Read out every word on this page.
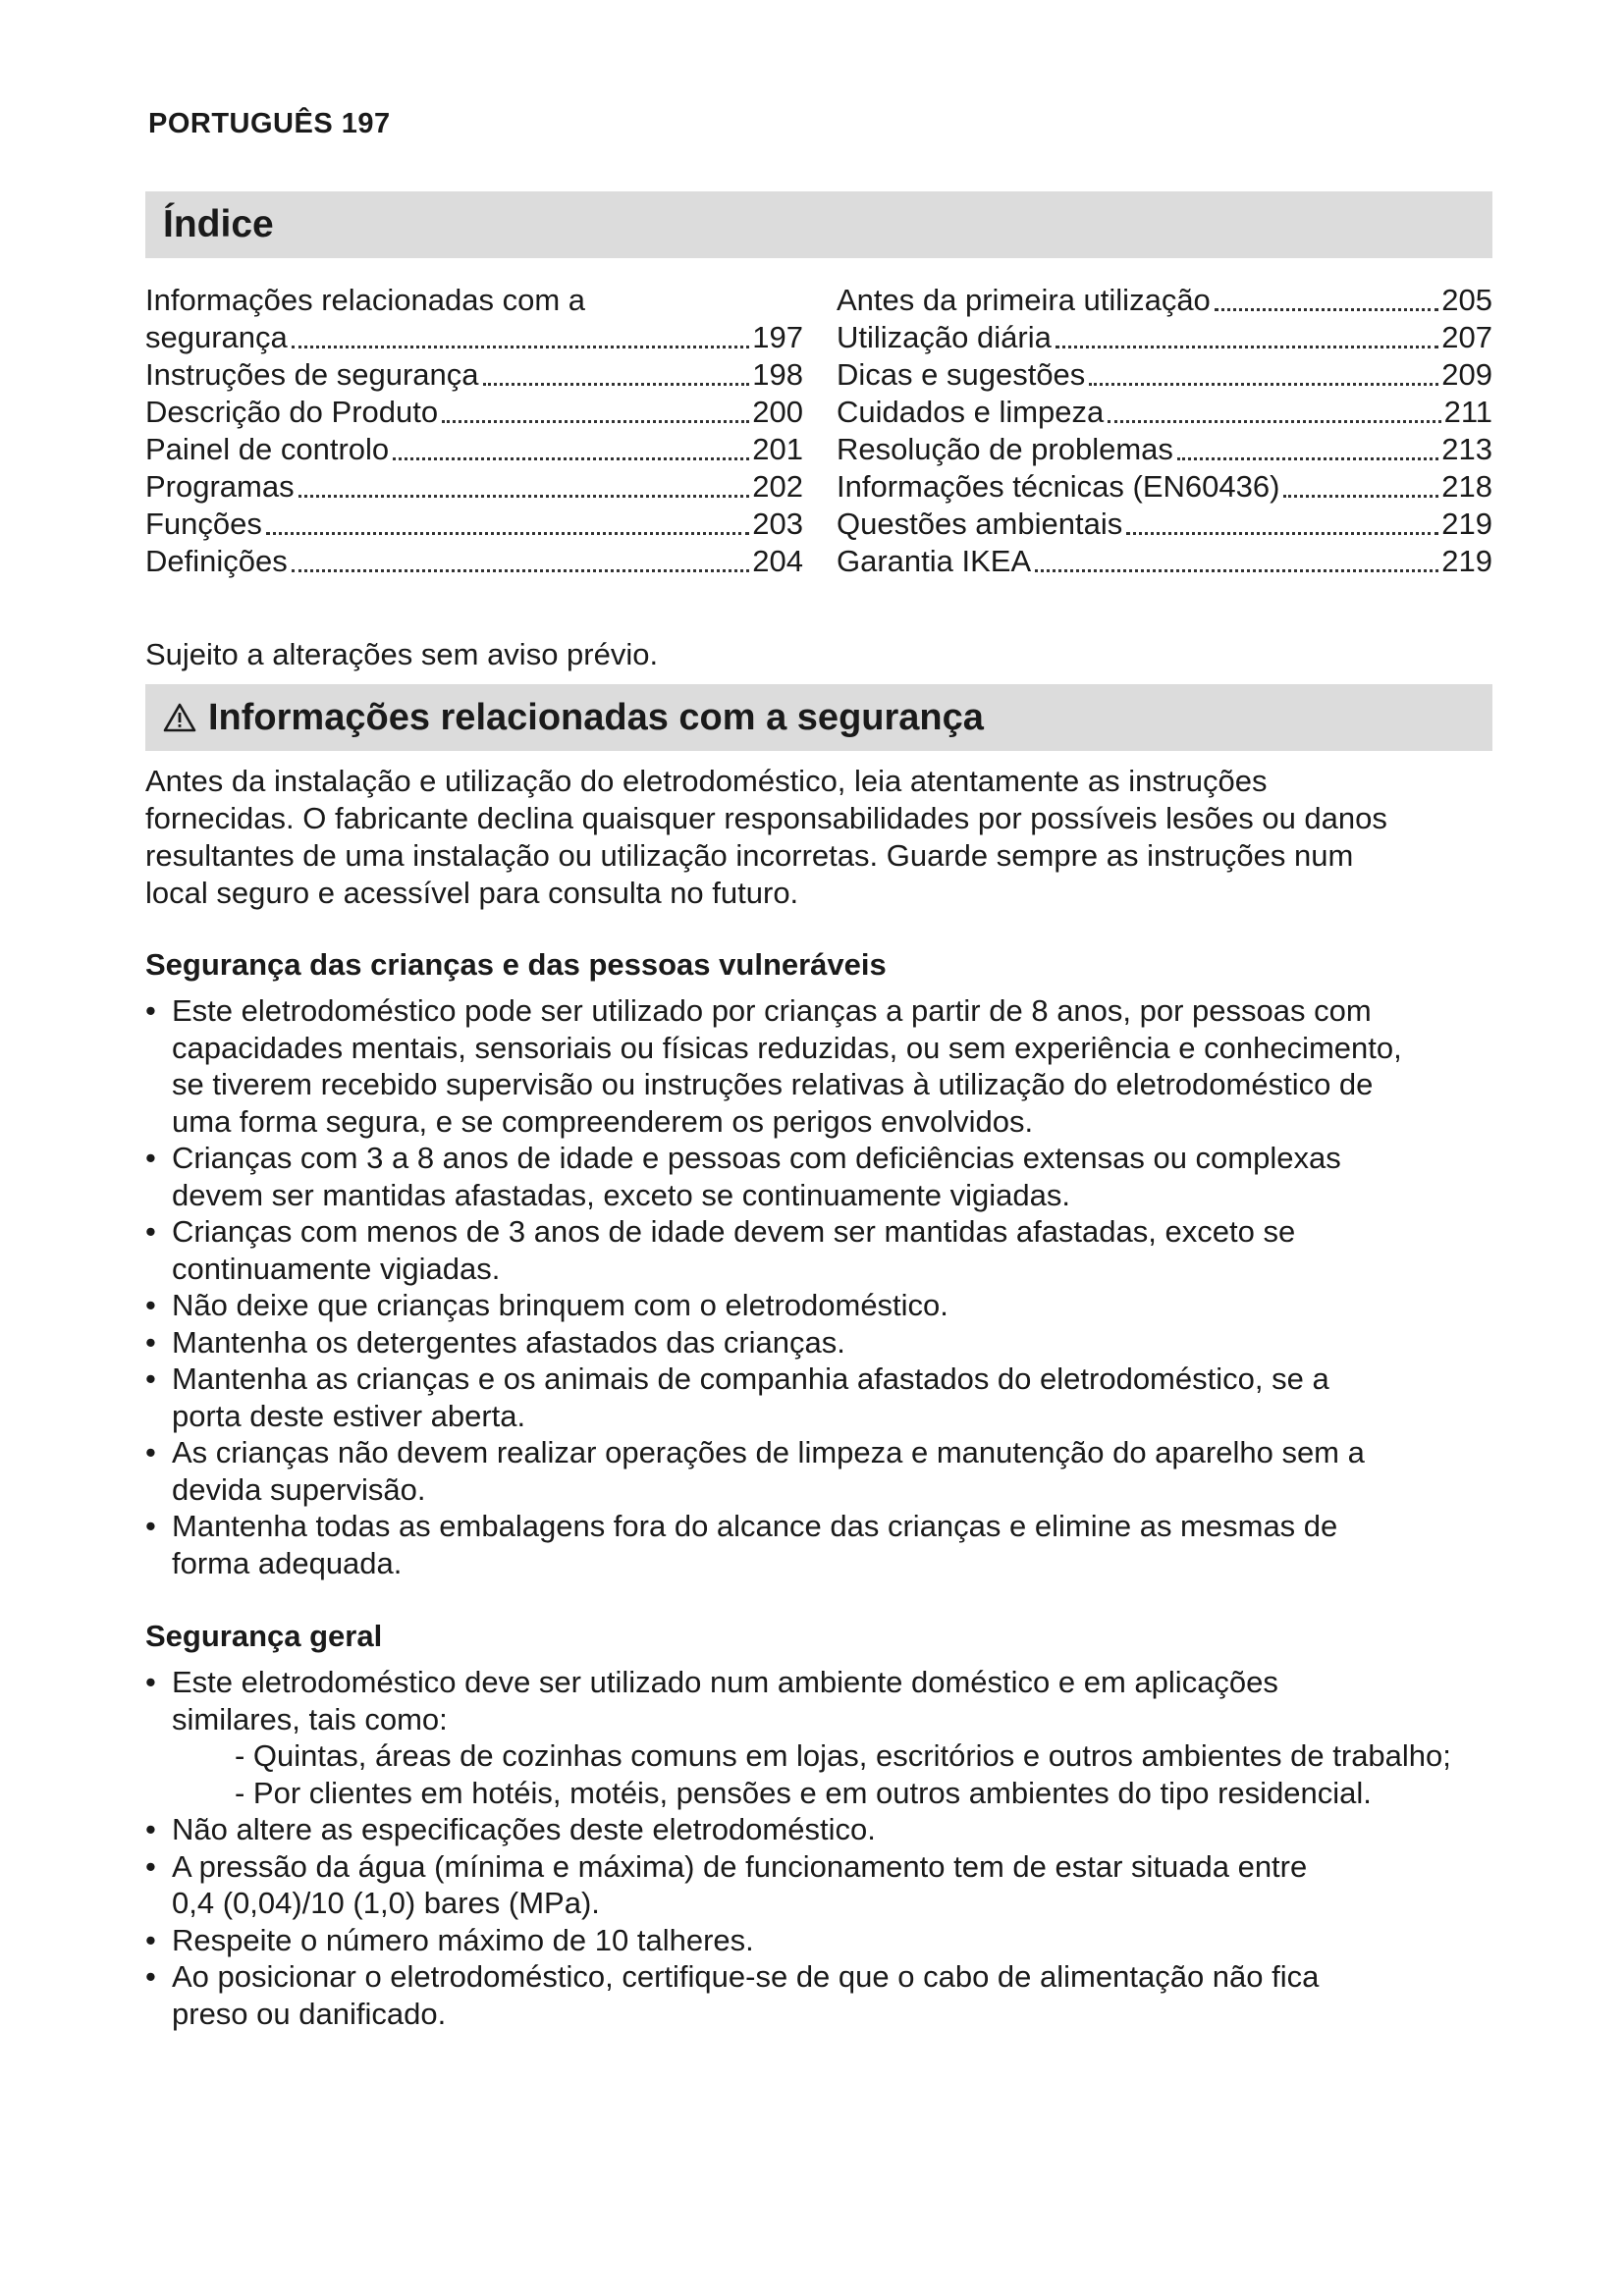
PORTUGUÊS 197
Índice
Informações relacionadas com a
segurança	197
Instruções de segurança	198
Descrição do Produto	200
Painel de controlo	201
Programas	202
Funções	203
Definições	204
Antes da primeira utilização	205
Utilização diária	207
Dicas e sugestões	209
Cuidados e limpeza	211
Resolução de problemas	213
Informações técnicas (EN60436)	218
Questões ambientais	219
Garantia IKEA	219
Sujeito a alterações sem aviso prévio.
Informações relacionadas com a segurança
Antes da instalação e utilização do eletrodoméstico, leia atentamente as instruções
fornecidas. O fabricante declina quaisquer responsabilidades por possíveis lesões ou danos
resultantes de uma instalação ou utilização incorretas. Guarde sempre as instruções num
local seguro e acessível para consulta no futuro.
Segurança das crianças e das pessoas vulneráveis
• Este eletrodoméstico pode ser utilizado por crianças a partir de 8 anos, por pessoas com
capacidades mentais, sensoriais ou físicas reduzidas, ou sem experiência e conhecimento,
se tiverem recebido supervisão ou instruções relativas à utilização do eletrodoméstico de
uma forma segura, e se compreenderem os perigos envolvidos.
• Crianças com 3 a 8 anos de idade e pessoas com deficiências extensas ou complexas
devem ser mantidas afastadas, exceto se continuamente vigiadas.
• Crianças com menos de 3 anos de idade devem ser mantidas afastadas, exceto se
continuamente vigiadas.
• Não deixe que crianças brinquem com o eletrodoméstico.
• Mantenha os detergentes afastados das crianças.
• Mantenha as crianças e os animais de companhia afastados do eletrodoméstico, se a
porta deste estiver aberta.
• As crianças não devem realizar operações de limpeza e manutenção do aparelho sem a
devida supervisão.
• Mantenha todas as embalagens fora do alcance das crianças e elimine as mesmas de
forma adequada.
Segurança geral
• Este eletrodoméstico deve ser utilizado num ambiente doméstico e em aplicações
similares, tais como:
- Quintas, áreas de cozinhas comuns em lojas, escritórios e outros ambientes de trabalho;
- Por clientes em hotéis, motéis, pensões e em outros ambientes do tipo residencial.
• Não altere as especificações deste eletrodoméstico.
• A pressão da água (mínima e máxima) de funcionamento tem de estar situada entre
0,4 (0,04)/10 (1,0) bares (MPa).
• Respeite o número máximo de 10 talheres.
• Ao posicionar o eletrodoméstico, certifique-se de que o cabo de alimentação não fica
preso ou danificado.
